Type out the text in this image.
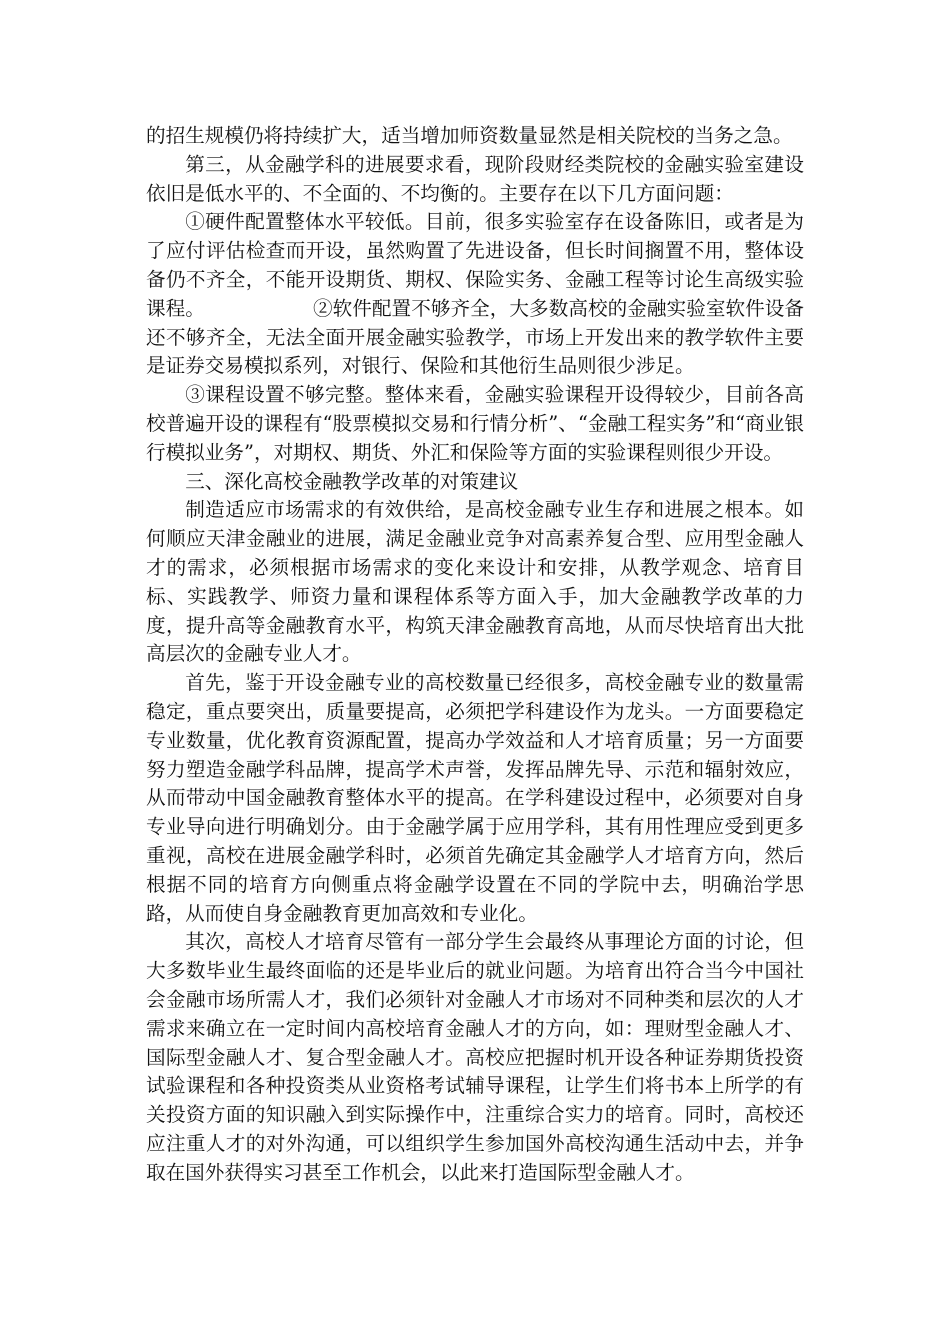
的招生规模仍将持续扩大，适当增加师资数量显然是相关院校的当务之急。

第三，从金融学科的进展要求看，现阶段财经类院校的金融实验室建设依旧是低水平的、不全面的、不均衡的。主要存在以下几方面问题：

①硬件配置整体水平较低。目前，很多实验室存在设备陈旧，或者是为了应付评估检查而开设，虽然购置了先进设备，但长时间搁置不用，整体设备仍不齐全，不能开设期货、期权、保险实务、金融工程等讨论生高级实验课程。　　　　　　②软件配置不够齐全，大多数高校的金融实验室软件设备还不够齐全，无法全面开展金融实验教学，市场上开发出来的教学软件主要是证券交易模拟系列，对银行、保险和其他衍生品则很少涉足。

③课程设置不够完整。整体来看，金融实验课程开设得较少，目前各高校普遍开设的课程有“股票模拟交易和行情分析”、“金融工程实务”和“商业银行模拟业务”，对期权、期货、外汇和保险等方面的实验课程则很少开设。

三、深化高校金融教学改革的对策建议

制造适应市场需求的有效供给，是高校金融专业生存和进展之根本。如何顺应天津金融业的进展，满足金融业竞争对高素养复合型、应用型金融人才的需求，必须根据市场需求的变化来设计和安排，从教学观念、培育目标、实践教学、师资力量和课程体系等方面入手，加大金融教学改革的力度，提升高等金融教育水平，构筑天津金融教育高地，从而尽快培育出大批高层次的金融专业人才。

首先，鉴于开设金融专业的高校数量已经很多，高校金融专业的数量需稳定，重点要突出，质量要提高，必须把学科建设作为龙头。一方面要稳定专业数量，优化教育资源配置，提高办学效益和人才培育质量；另一方面要努力塑造金融学科品牌，提高学术声誉，发挥品牌先导、示范和辐射效应，从而带动中国金融教育整体水平的提高。在学科建设过程中，必须要对自身专业导向进行明确划分。由于金融学属于应用学科，其有用性理应受到更多重视，高校在进展金融学科时，必须首先确定其金融学人才培育方向，然后根据不同的培育方向侧重点将金融学设置在不同的学院中去，明确治学思路，从而使自身金融教育更加高效和专业化。

其次，高校人才培育尽管有一部分学生会最终从事理论方面的讨论，但大多数毕业生最终面临的还是毕业后的就业问题。为培育出符合当今中国社会金融市场所需人才，我们必须针对金融人才市场对不同种类和层次的人才需求来确立在一定时间内高校培育金融人才的方向，如：理财型金融人才、国际型金融人才、复合型金融人才。高校应把握时机开设各种证券期货投资试验课程和各种投资类从业资格考试辅导课程，让学生们将书本上所学的有关投资方面的知识融入到实际操作中，注重综合实力的培育。同时，高校还应注重人才的对外沟通，可以组织学生参加国外高校沟通生活动中去，并争取在国外获得实习甚至工作机会，以此来打造国际型金融人才。
